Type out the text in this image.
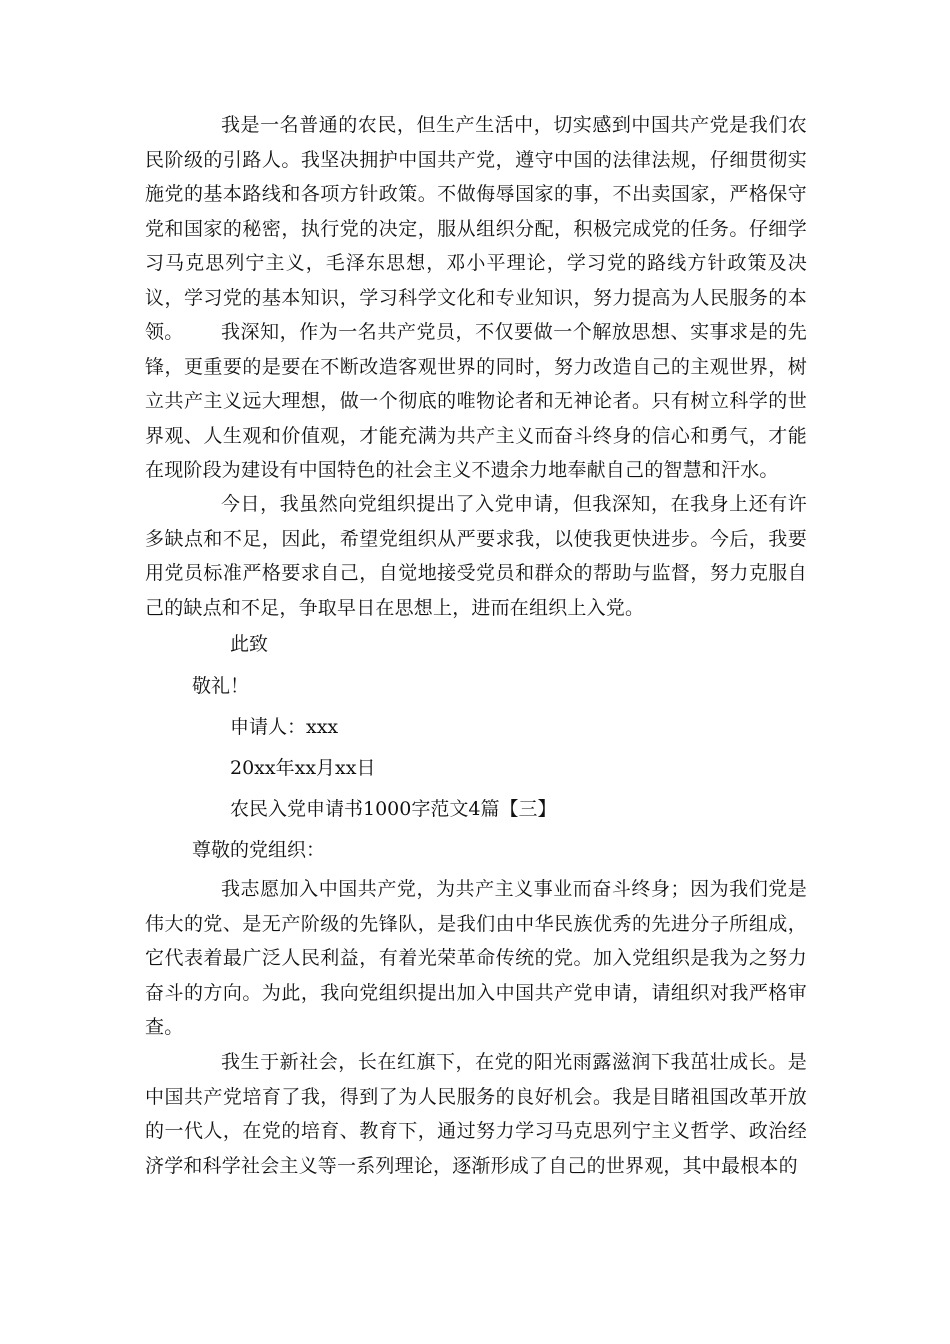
我是一名普通的农民，但生产生活中，切实感到中国共产党是我们农民阶级的引路人。我坚决拥护中国共产党，遵守中国的法律法规，仔细贯彻实施党的基本路线和各项方针政策。不做侮辱国家的事，不出卖国家，严格保守党和国家的秘密，执行党的决定，服从组织分配，积极完成党的任务。仔细学习马克思列宁主义，毛泽东思想，邓小平理论，学习党的路线方针政策及决议，学习党的基本知识，学习科学文化和专业知识，努力提高为人民服务的本领。	我深知，作为一名共产党员，不仅要做一个解放思想、实事求是的先锋，更重要的是要在不断改造客观世界的同时，努力改造自己的主观世界，树立共产主义远大理想，做一个彻底的唯物论者和无神论者。只有树立科学的世界观、人生观和价值观，才能充满为共产主义而奋斗终身的信心和勇气，才能在现阶段为建设有中国特色的社会主义不遗余力地奉献自己的智慧和汗水。

今日，我虽然向党组织提出了入党申请，但我深知，在我身上还有许多缺点和不足，因此，希望党组织从严要求我，以使我更快进步。今后，我要用党员标准严格要求自己，自觉地接受党员和群众的帮助与监督，努力克服自己的缺点和不足，争取早日在思想上，进而在组织上入党。

此致

敬礼！

申请人：xxx

20xx年xx月xx日

农民入党申请书1000字范文4篇【三】

尊敬的党组织：

我志愿加入中国共产党，为共产主义事业而奋斗终身；因为我们党是伟大的党、是无产阶级的先锋队，是我们由中华民族优秀的先进分子所组成，它代表着最广泛人民利益，有着光荣革命传统的党。加入党组织是我为之努力奋斗的方向。为此，我向党组织提出加入中国共产党申请，请组织对我严格审查。

我生于新社会，长在红旗下，在党的阳光雨露滋润下我茁壮成长。是中国共产党培育了我，得到了为人民服务的良好机会。我是目睹祖国改革开放的一代人，在党的培育、教育下，通过努力学习马克思列宁主义哲学、政治经济学和科学社会主义等一系列理论，逐渐形成了自己的世界观，其中最根本的
